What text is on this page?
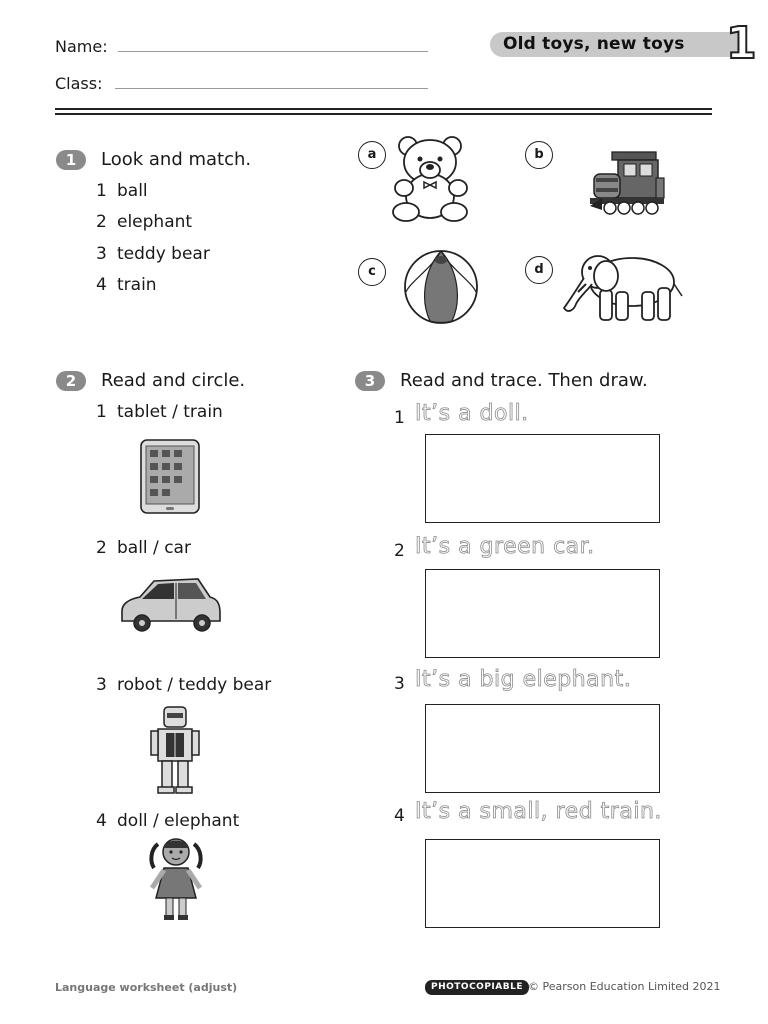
Name:
Class:
Old toys, new toys 1
1	Look and match.
1 ball
2 elephant
3 teddy bear
4 train
a	b
c	d
2	Read and circle.
1 tablet / train
2 ball / car
3 robot / teddy bear
4 doll / elephant
3	Read and trace. Then draw.
1 It’s a doll.
2 It’s a green car.
3 It’s a big elephant.
4 It’s a small, red train.
Language worksheet (adjust)	PHOTOCOPIABLE © Pearson Education Limited 2021
